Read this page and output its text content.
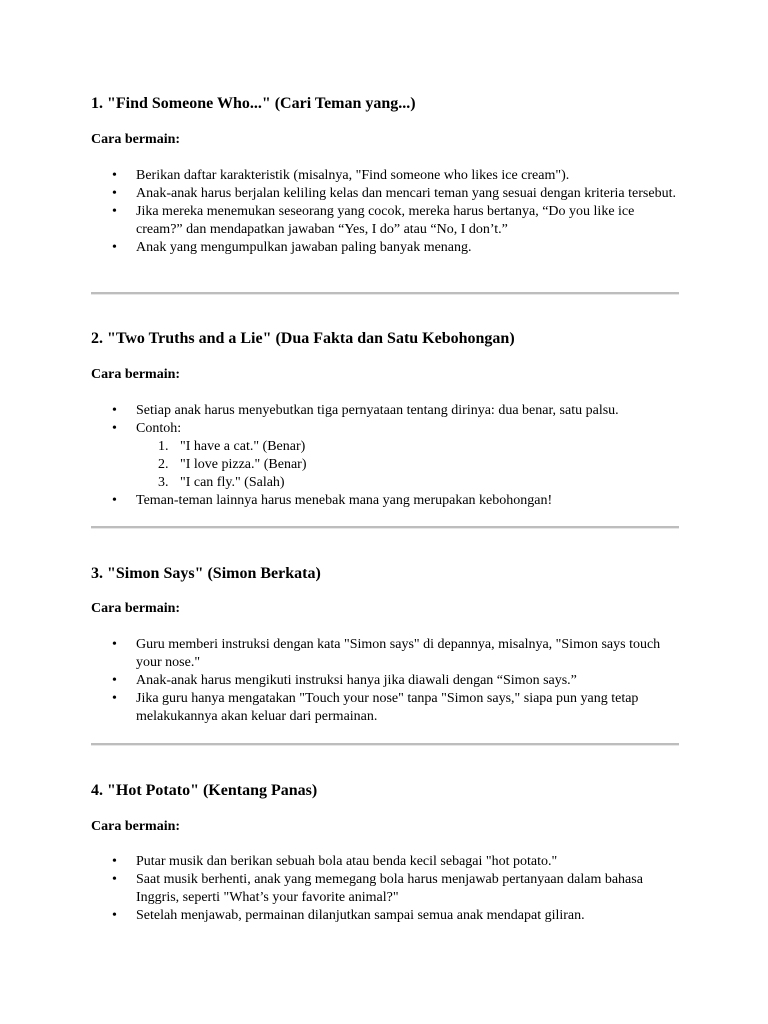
1. "Find Someone Who..." (Cari Teman yang...)

Cara bermain:

• Berikan daftar karakteristik (misalnya, "Find someone who likes ice cream").
• Anak-anak harus berjalan keliling kelas dan mencari teman yang sesuai dengan kriteria tersebut.
• Jika mereka menemukan seseorang yang cocok, mereka harus bertanya, “Do you like ice cream?” dan mendapatkan jawaban “Yes, I do” atau “No, I don’t.”
• Anak yang mengumpulkan jawaban paling banyak menang.
2. "Two Truths and a Lie" (Dua Fakta dan Satu Kebohongan)

Cara bermain:

• Setiap anak harus menyebutkan tiga pernyataan tentang dirinya: dua benar, satu palsu.
• Contoh:
1. "I have a cat." (Benar)
2. "I love pizza." (Benar)
3. "I can fly." (Salah)
• Teman-teman lainnya harus menebak mana yang merupakan kebohongan!
3. "Simon Says" (Simon Berkata)

Cara bermain:

• Guru memberi instruksi dengan kata "Simon says" di depannya, misalnya, "Simon says touch your nose."
• Anak-anak harus mengikuti instruksi hanya jika diawali dengan “Simon says.”
• Jika guru hanya mengatakan "Touch your nose" tanpa "Simon says," siapa pun yang tetap melakukannya akan keluar dari permainan.
4. "Hot Potato" (Kentang Panas)

Cara bermain:

• Putar musik dan berikan sebuah bola atau benda kecil sebagai "hot potato."
• Saat musik berhenti, anak yang memegang bola harus menjawab pertanyaan dalam bahasa Inggris, seperti "What’s your favorite animal?"
• Setelah menjawab, permainan dilanjutkan sampai semua anak mendapat giliran.
